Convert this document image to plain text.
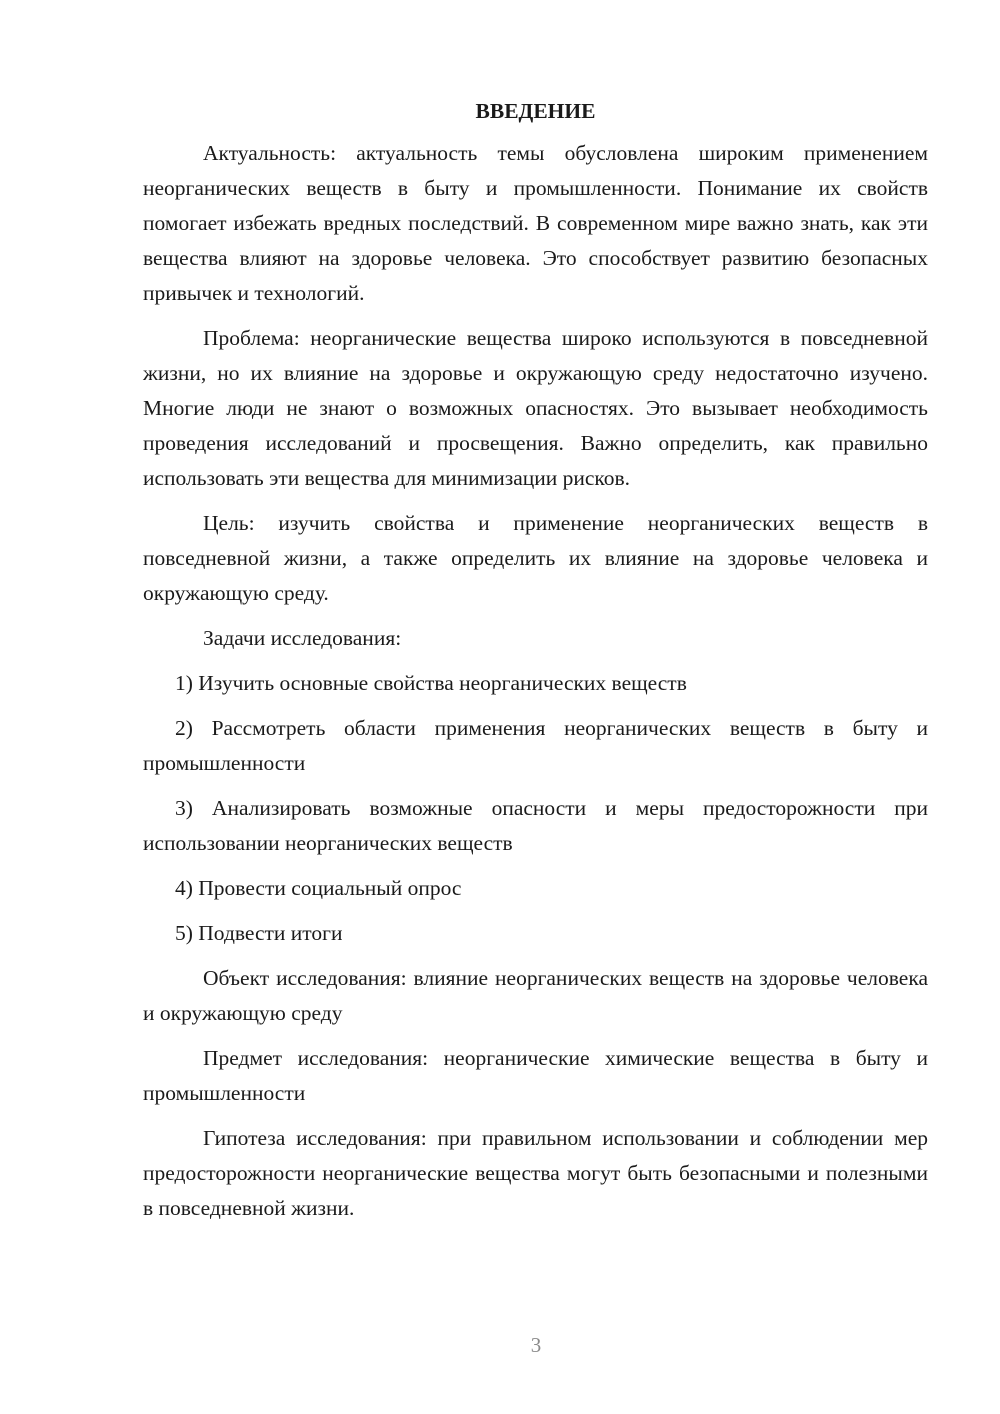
ВВЕДЕНИЕ

Актуальность: актуальность темы обусловлена широким применением неорганических веществ в быту и промышленности. Понимание их свойств помогает избежать вредных последствий. В современном мире важно знать, как эти вещества влияют на здоровье человека. Это способствует развитию безопасных привычек и технологий.

Проблема: неорганические вещества широко используются в повседневной жизни, но их влияние на здоровье и окружающую среду недостаточно изучено. Многие люди не знают о возможных опасностях. Это вызывает необходимость проведения исследований и просвещения. Важно определить, как правильно использовать эти вещества для минимизации рисков.

Цель: изучить свойства и применение неорганических веществ в повседневной жизни, а также определить их влияние на здоровье человека и окружающую среду.

Задачи исследования:

1) Изучить основные свойства неорганических веществ

2) Рассмотреть области применения неорганических веществ в быту и промышленности

3) Анализировать возможные опасности и меры предосторожности при использовании неорганических веществ

4) Провести социальный опрос

5) Подвести итоги

Объект исследования: влияние неорганических веществ на здоровье человека и окружающую среду

Предмет исследования: неорганические химические вещества в быту и промышленности

Гипотеза исследования: при правильном использовании и соблюдении мер предосторожности неорганические вещества могут быть безопасными и полезными в повседневной жизни.

3
